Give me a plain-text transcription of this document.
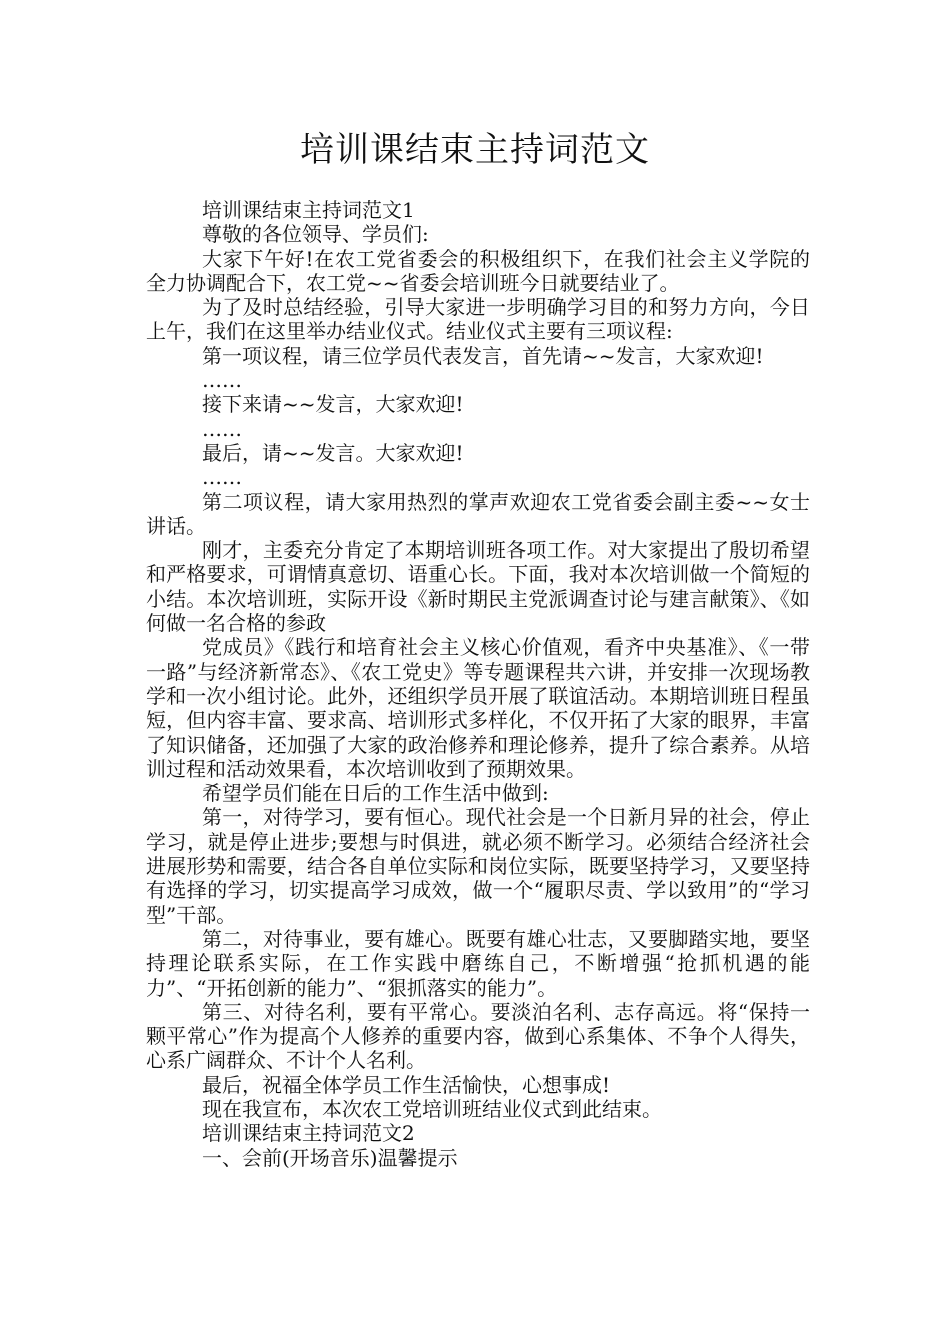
培训课结束主持词范文

培训课结束主持词范文1

尊敬的各位领导、学员们:

大家下午好!在农工党省委会的积极组织下，在我们社会主义学院的全力协调配合下，农工党~~省委会培训班今日就要结业了。

为了及时总结经验，引导大家进一步明确学习目的和努力方向，今日上午，我们在这里举办结业仪式。结业仪式主要有三项议程:

第一项议程，请三位学员代表发言，首先请~~发言，大家欢迎!

……

接下来请~~发言，大家欢迎!

……

最后，请~~发言。大家欢迎!

……

第二项议程，请大家用热烈的掌声欢迎农工党省委会副主委~~女士讲话。

刚才，主委充分肯定了本期培训班各项工作。对大家提出了殷切希望和严格要求，可谓情真意切、语重心长。下面，我对本次培训做一个简短的小结。本次培训班，实际开设《新时期民主党派调查讨论与建言献策》、《如何做一名合格的参政

党成员》《践行和培育社会主义核心价值观，看齐中央基准》、《一带一路”与经济新常态》、《农工党史》等专题课程共六讲，并安排一次现场教学和一次小组讨论。此外，还组织学员开展了联谊活动。本期培训班日程虽短，但内容丰富、要求高、培训形式多样化，不仅开拓了大家的眼界，丰富了知识储备，还加强了大家的政治修养和理论修养，提升了综合素养。从培训过程和活动效果看，本次培训收到了预期效果。

希望学员们能在日后的工作生活中做到:

第一，对待学习，要有恒心。现代社会是一个日新月异的社会，停止学习，就是停止进步;要想与时俱进，就必须不断学习。必须结合经济社会进展形势和需要，结合各自单位实际和岗位实际，既要坚持学习，又要坚持有选择的学习，切实提高学习成效，做一个“履职尽责、学以致用”的“学习型”干部。

第二，对待事业，要有雄心。既要有雄心壮志，又要脚踏实地，要坚持理论联系实际，在工作实践中磨练自己，不断增强“抢抓机遇的能力”、“开拓创新的能力”、“狠抓落实的能力”。

第三、对待名利，要有平常心。要淡泊名利、志存高远。将“保持一颗平常心”作为提高个人修养的重要内容，做到心系集体、不争个人得失，心系广阔群众、不计个人名利。

最后，祝福全体学员工作生活愉快，心想事成!

现在我宣布，本次农工党培训班结业仪式到此结束。

培训课结束主持词范文2

一、会前(开场音乐)温馨提示
